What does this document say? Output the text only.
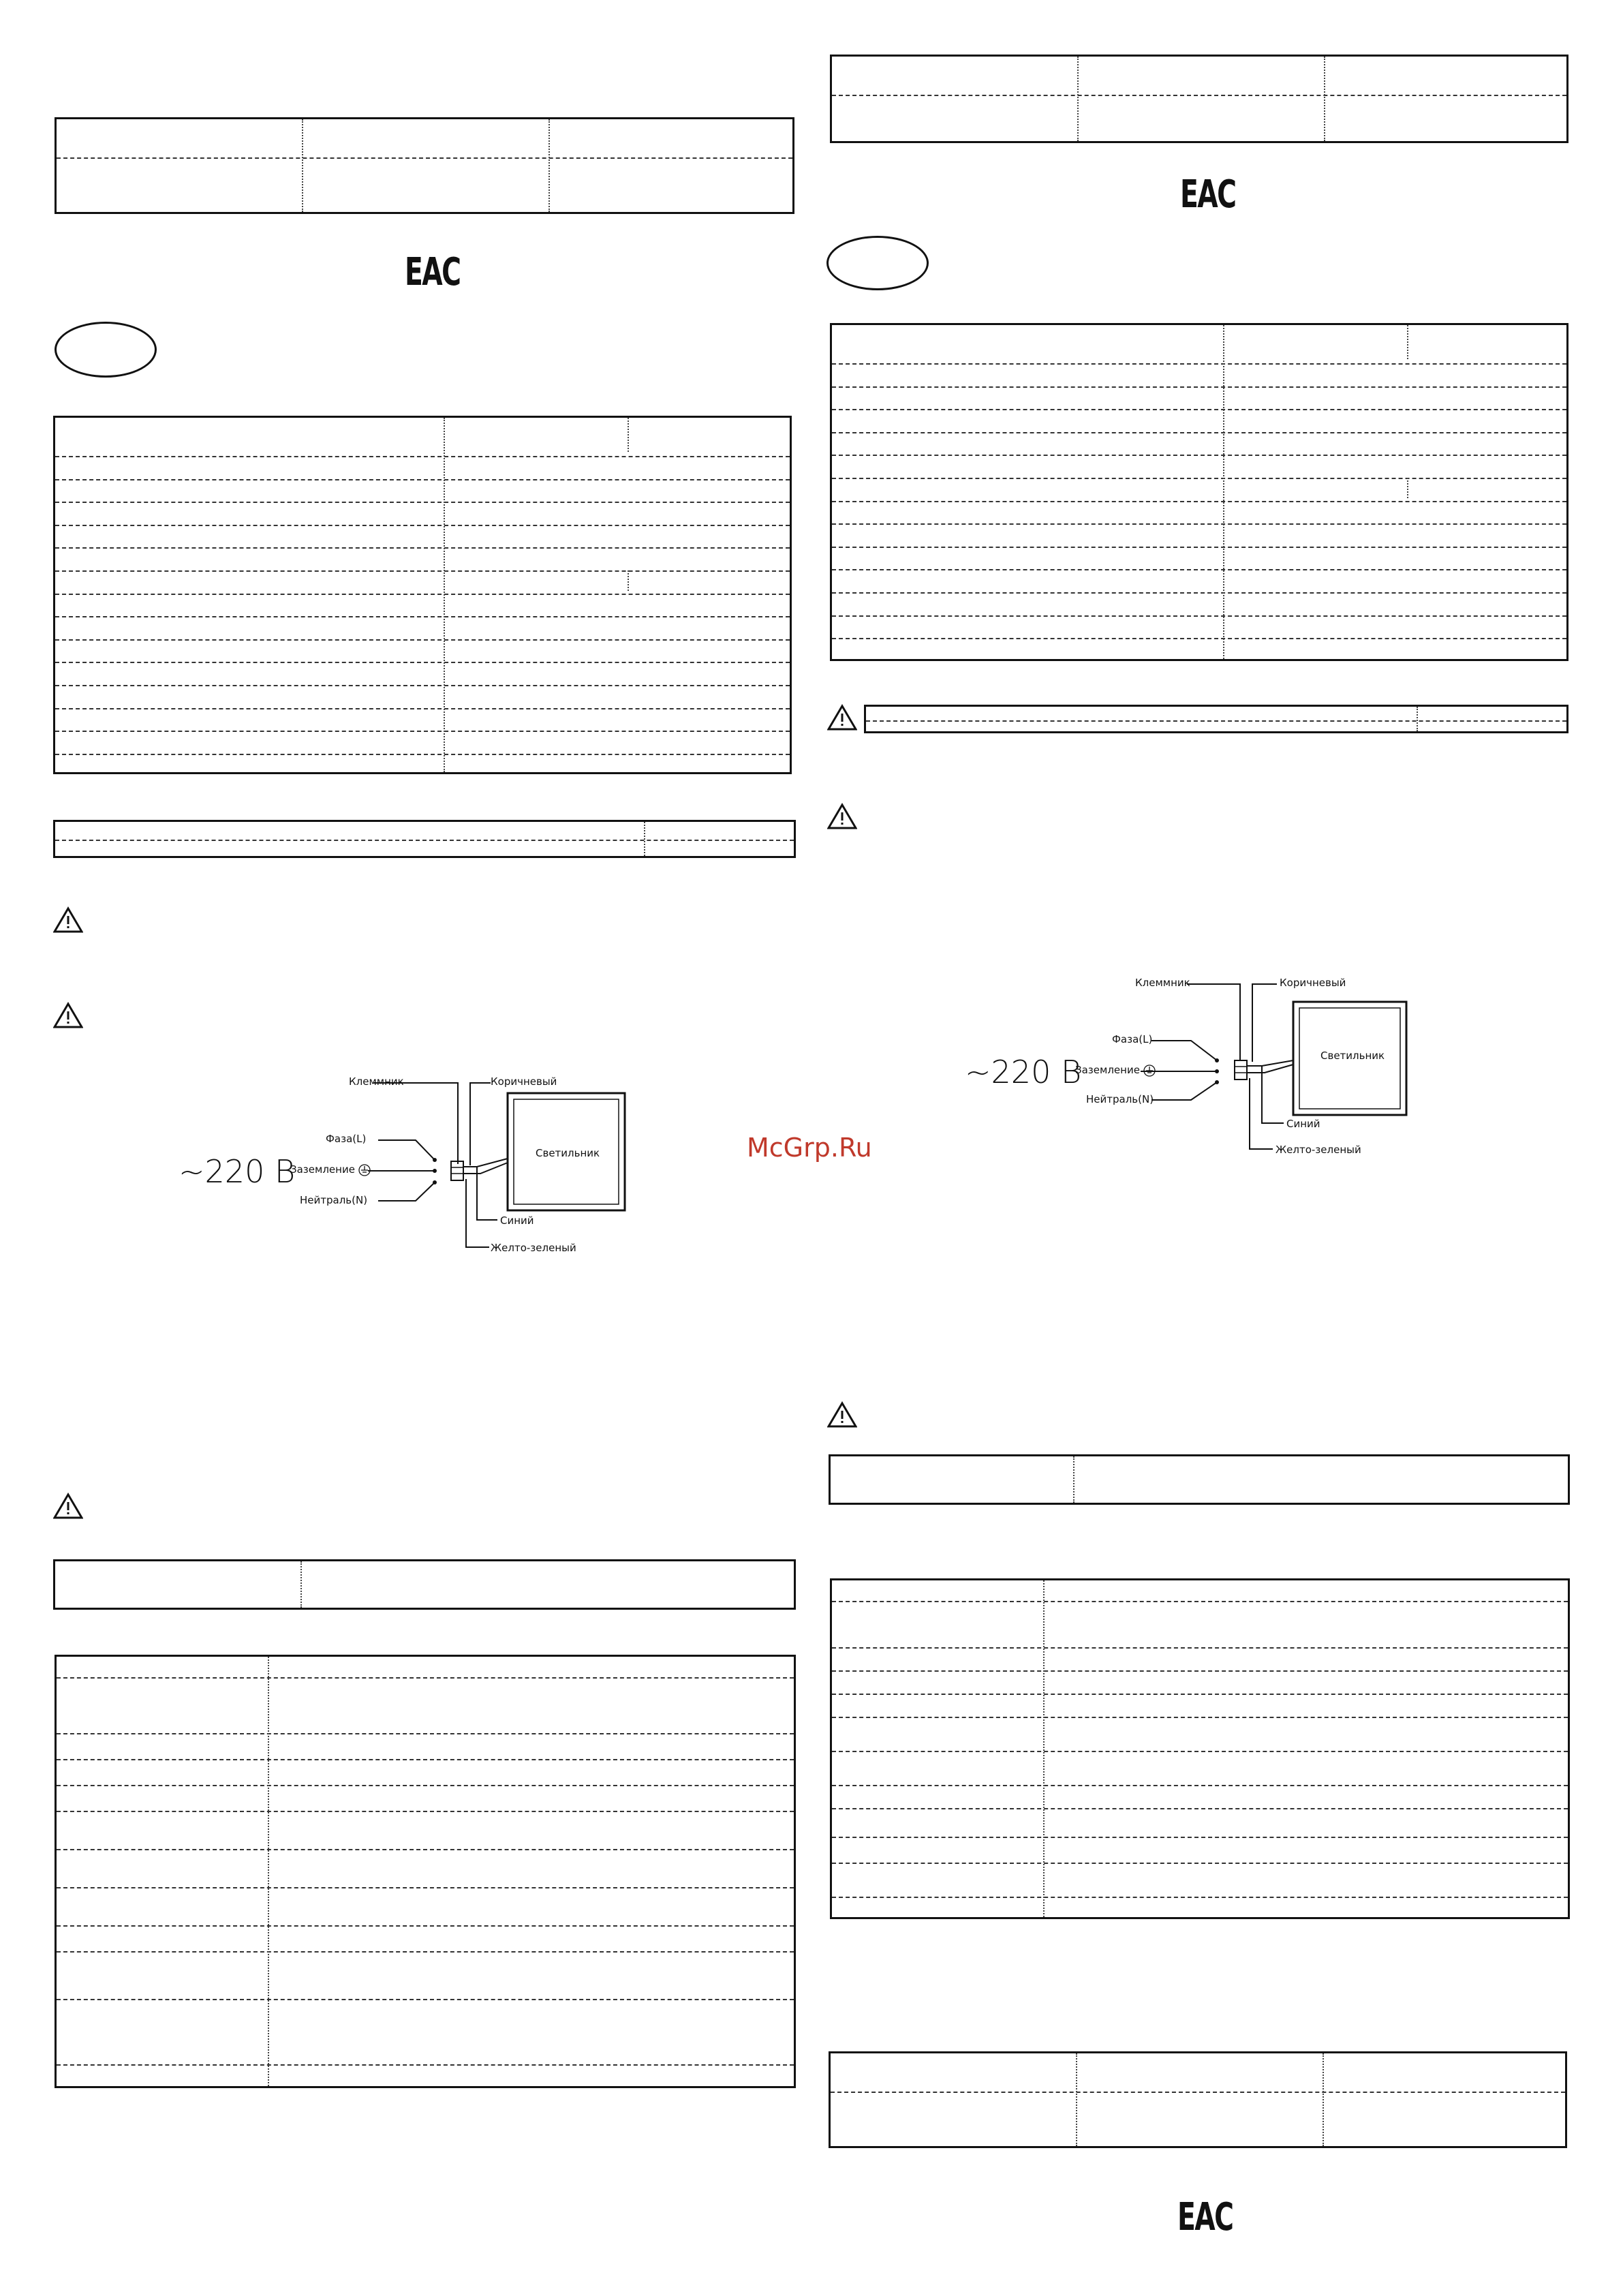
EAC
Клеммник	Коричневый
Фаза(L)
Заземление
Нейтраль(N)
~220 В	Светильник
Синий
Желто-зеленый
EAC
Клеммник	Коричневый
Фаза(L)
Заземление
Нейтраль(N)
~220 В	Светильник
Синий
Желто-зеленый
EAC
McGrp.Ru
